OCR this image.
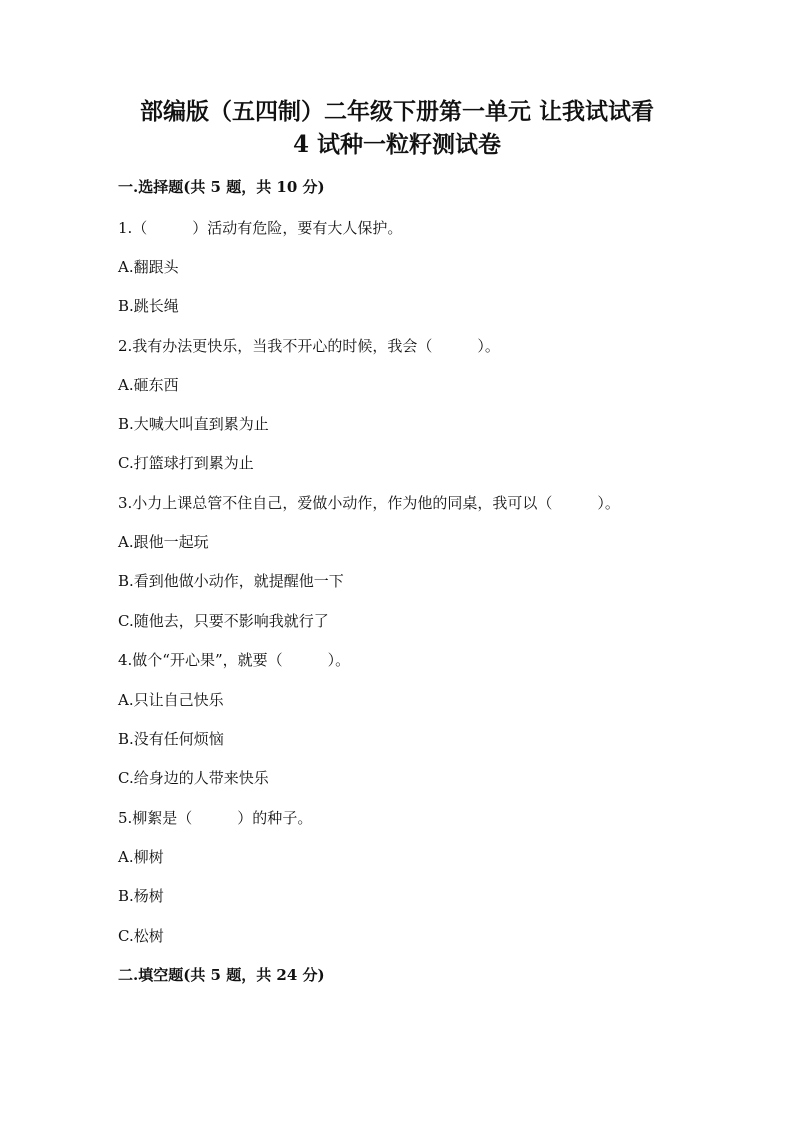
部编版（五四制）二年级下册第一单元 让我试试看
4 试种一粒籽测试卷
一.选择题(共 5 题，共 10 分)
1.（　　　）活动有危险，要有大人保护。
A.翻跟头
B.跳长绳
2.我有办法更快乐，当我不开心的时候，我会（　　　）。
A.砸东西
B.大喊大叫直到累为止
C.打篮球打到累为止
3.小力上课总管不住自己，爱做小动作，作为他的同桌，我可以（　　　）。
A.跟他一起玩
B.看到他做小动作，就提醒他一下
C.随他去，只要不影响我就行了
4.做个“开心果”，就要（　　　）。
A.只让自己快乐
B.没有任何烦恼
C.给身边的人带来快乐
5.柳絮是（　　　）的种子。
A.柳树
B.杨树
C.松树
二.填空题(共 5 题，共 24 分)
